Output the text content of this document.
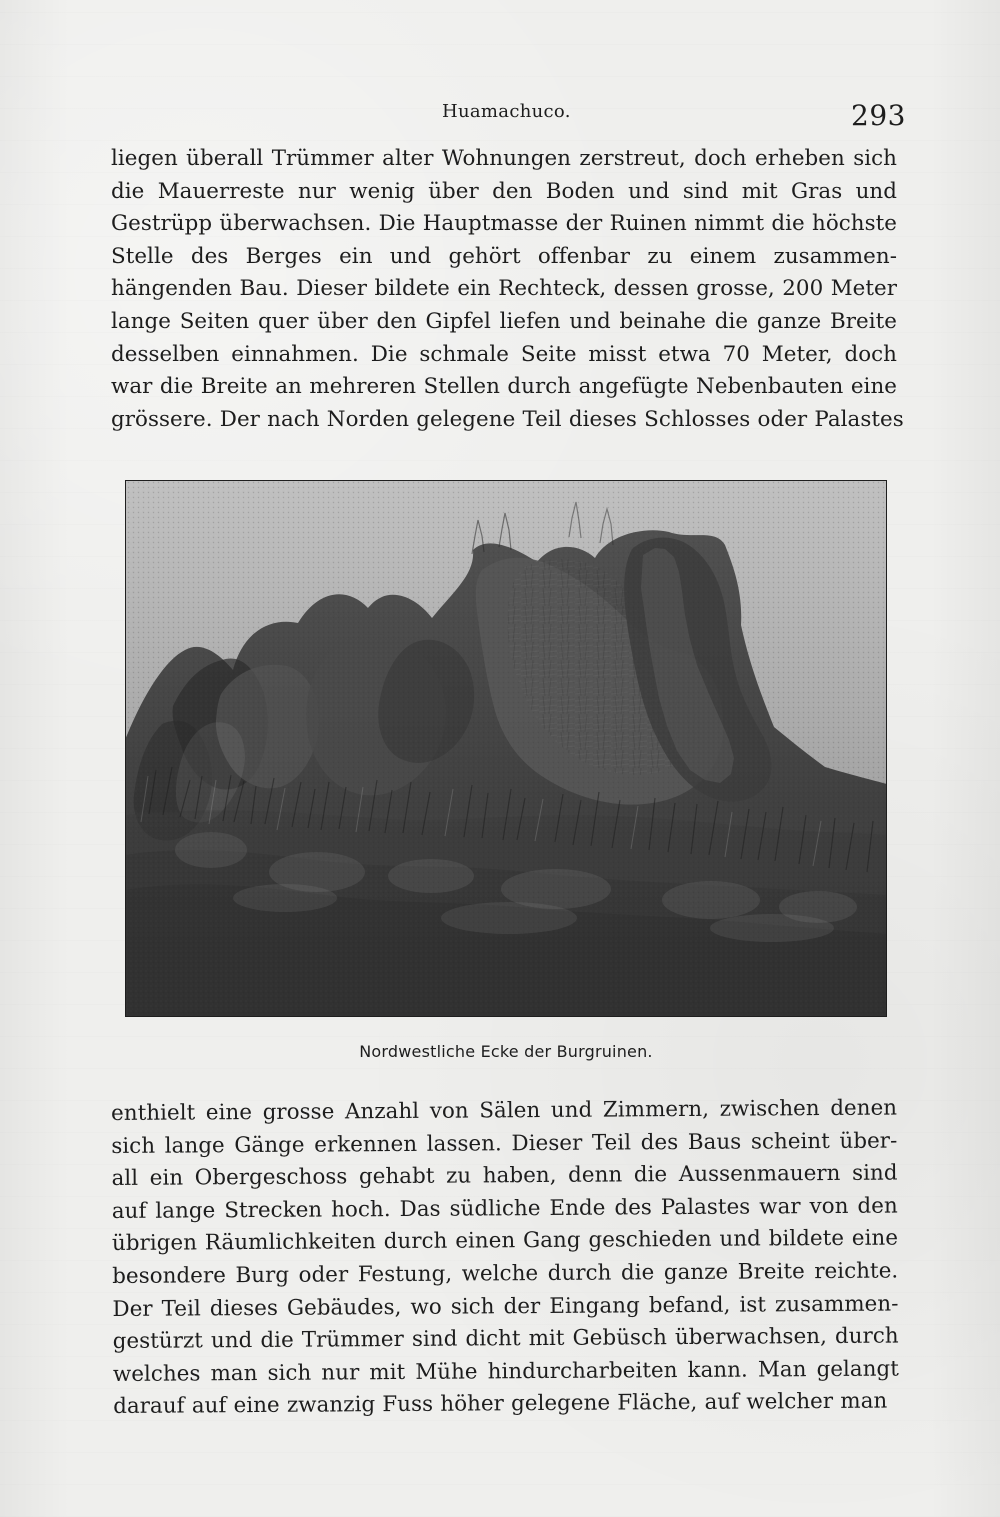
Huamachuco.	293

liegen überall Trümmer alter Wohnungen zerstreut, doch erheben sich

die Mauerreste nur wenig über den Boden und sind mit Gras und

Gestrüpp überwachsen. Die Hauptmasse der Ruinen nimmt die höchste

Stelle des Berges ein und gehört offenbar zu einem zusammen-

hängenden Bau. Dieser bildete ein Rechteck, dessen grosse, 200 Meter

lange Seiten quer über den Gipfel liefen und beinahe die ganze Breite

desselben einnahmen. Die schmale Seite misst etwa 70 Meter, doch

war die Breite an mehreren Stellen durch angefügte Nebenbauten eine

grössere. Der nach Norden gelegene Teil dieses Schlosses oder Palastes

Nordwestliche Ecke der Burgruinen.

enthielt eine grosse Anzahl von Sälen und Zimmern, zwischen denen

sich lange Gänge erkennen lassen. Dieser Teil des Baus scheint über-

all ein Obergeschoss gehabt zu haben, denn die Aussenmauern sind

auf lange Strecken hoch. Das südliche Ende des Palastes war von den

übrigen Räumlichkeiten durch einen Gang geschieden und bildete eine

besondere Burg oder Festung, welche durch die ganze Breite reichte.

Der Teil dieses Gebäudes, wo sich der Eingang befand, ist zusammen-

gestürzt und die Trümmer sind dicht mit Gebüsch überwachsen, durch

welches man sich nur mit Mühe hindurcharbeiten kann. Man gelangt

darauf auf eine zwanzig Fuss höher gelegene Fläche, auf welcher man
